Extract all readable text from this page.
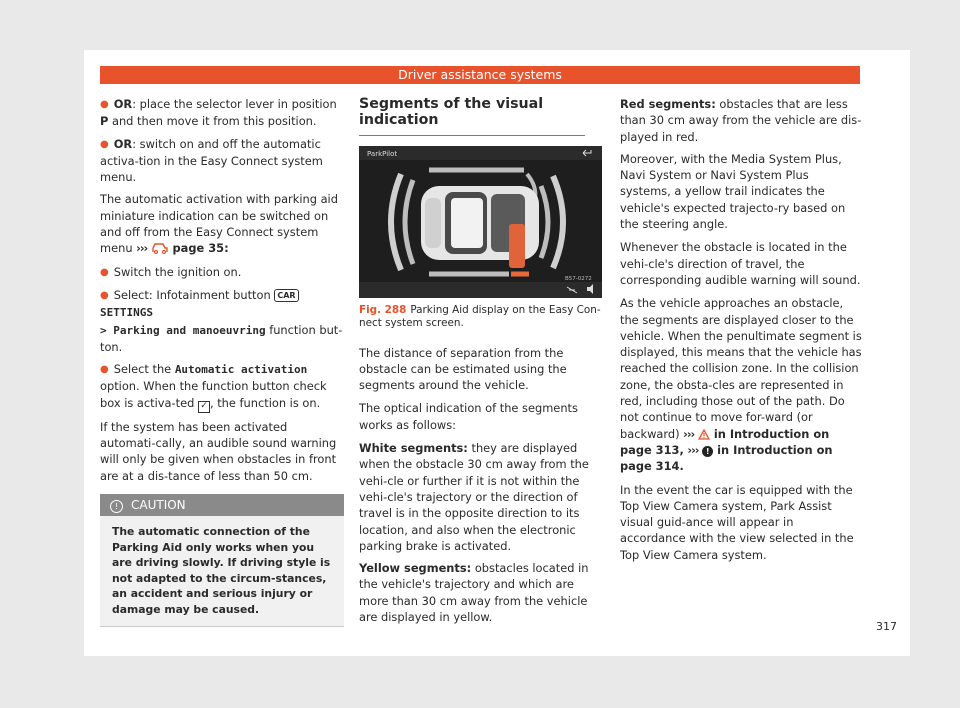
Driver assistance systems

● OR: place the selector lever in position P and then move it from this position.

● OR: switch on and off the automatic activa-tion in the Easy Connect system menu.

The automatic activation with parking aid miniature indication can be switched on and off from the Easy Connect system menu ››› page 35:

● Switch the ignition on.

● Select: Infotainment button CAR SETTINGS
> Parking and manoeuvring function but-ton.

● Select the Automatic activation option. When the function button check box is activa-ted ✓ , the function is on.

If the system has been activated automati-cally, an audible sound warning will only be given when obstacles in front are at a dis-tance of less than 50 cm.

! CAUTION
The automatic connection of the Parking Aid only works when you are driving slowly. If driving style is not adapted to the circum-stances, an accident and serious injury or damage may be caused.
Segments of the visual indication
ParkPilot
B57-0272
Fig. 288 Parking Aid display on the Easy Con-nect system screen.

The distance of separation from the obstacle can be estimated using the segments around the vehicle.

The optical indication of the segments works as follows:

White segments: they are displayed when the obstacle 30 cm away from the vehi-cle or further if it is not within the vehi-cle's trajectory or the direction of travel is in the opposite direction to its location, and also when the electronic parking brake is activated.
Yellow segments: obstacles located in the vehicle's trajectory and which are more than 30 cm away from the vehicle are displayed in yellow.
Red segments: obstacles that are less than 30 cm away from the vehicle are dis-played in red.

Moreover, with the Media System Plus, Navi System or Navi System Plus systems, a yellow trail indicates the vehicle's expected trajecto-ry based on the steering angle.

Whenever the obstacle is located in the vehi-cle's direction of travel, the corresponding audible warning will sound.

As the vehicle approaches an obstacle, the segments are displayed closer to the vehicle. When the penultimate segment is displayed, this means that the vehicle has reached the collision zone. In the collision zone, the obsta-cles are represented in red, including those out of the path. Do not continue to move for-ward (or backward) ›››  in Introduction on page 313, ››› ! in Introduction on page 314.

In the event the car is equipped with the Top View Camera system, Park Assist visual guid-ance will appear in accordance with the view selected in the Top View Camera system.

317
